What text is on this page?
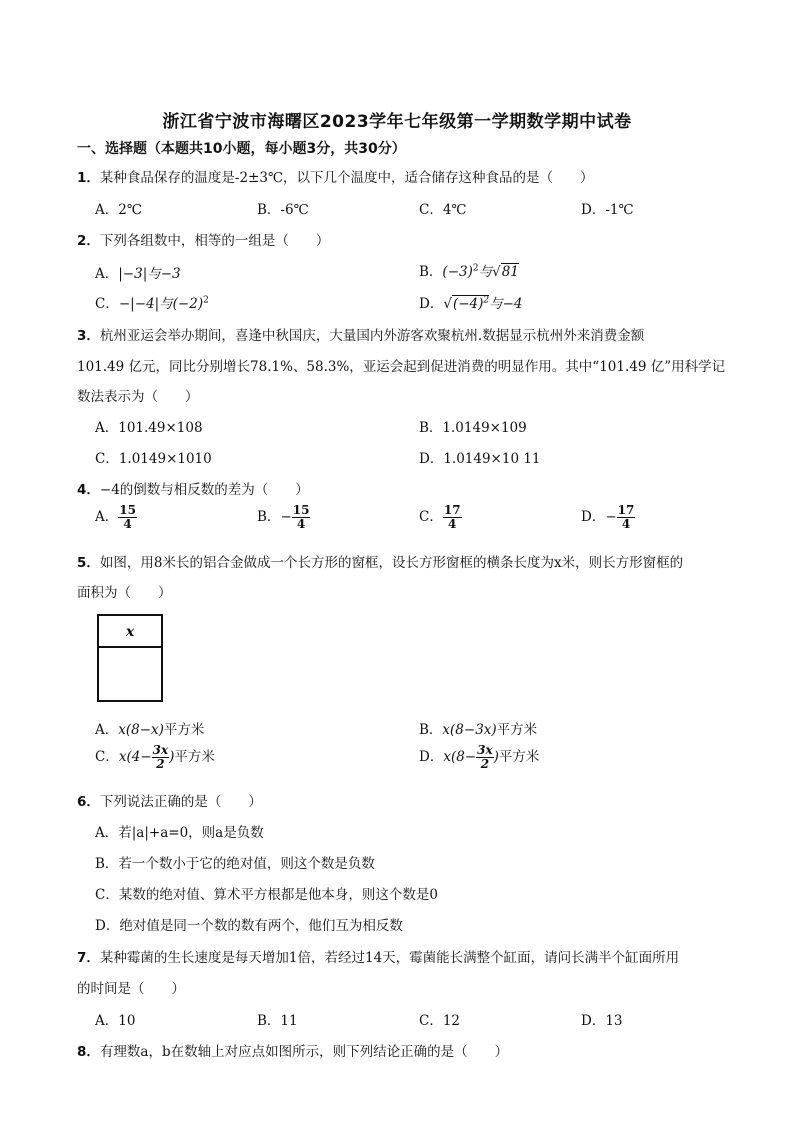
浙江省宁波市海曙区2023学年七年级第一学期数学期中试卷
一、选择题（本题共10小题，每小题3分，共30分）
1．某种食品保存的温度是-2±3℃，以下几个温度中，适合储存这种食品的是（　　）
A．2℃	B．-6℃	C．4℃	D．-1℃
2．下列各组数中，相等的一组是（　　）
A．|−3|与−3	B．$(-3)^2$与√81
C．−|−4|与$(-2)^2$	D．$√(-4)^2$与−4
3．杭州亚运会举办期间，喜逢中秋国庆，大量国内外游客欢聚杭州.数据显示杭州外来消费金额
101.49 亿元，同比分别增长78.1%、58.3%，亚运会起到促进消费的明显作用。其中“101.49 亿”用科学记
数法表示为（　　）
A．101.49×108	B．1.0149×109
C．1.0149×1010	D．1.0149×10 11
4．−4的倒数与相反数的差为（　　）
A． $\frac{15}{4}$	B．− $\frac{15}{4}$	C． $\frac{17}{4}$	D．− $\frac{17}{4}$
5．如图，用8米长的铝合金做成一个长方形的窗框，设长方形窗框的横条长度为x米，则长方形窗框的
面积为（　　）
x
A．x(8−x)平方米	B．x(8−3x)平方米
C．$x(4- \frac{3x}{2}$ )平方米	D．$x(8- \frac{3x}{2}$ )平方米
6．下列说法正确的是（　　）
A．若|a|+a=0，则a是负数
B．若一个数小于它的绝对值，则这个数是负数
C．某数的绝对值、算术平方根都是他本身，则这个数是0
D．绝对值是同一个数的数有两个，他们互为相反数
7．某种霉菌的生长速度是每天增加1倍，若经过14天，霉菌能长满整个缸面，请问长满半个缸面所用
的时间是（　　）
A．10	B．11	C．12	D．13
8．有理数a，b在数轴上对应点如图所示，则下列结论正确的是（　　）
